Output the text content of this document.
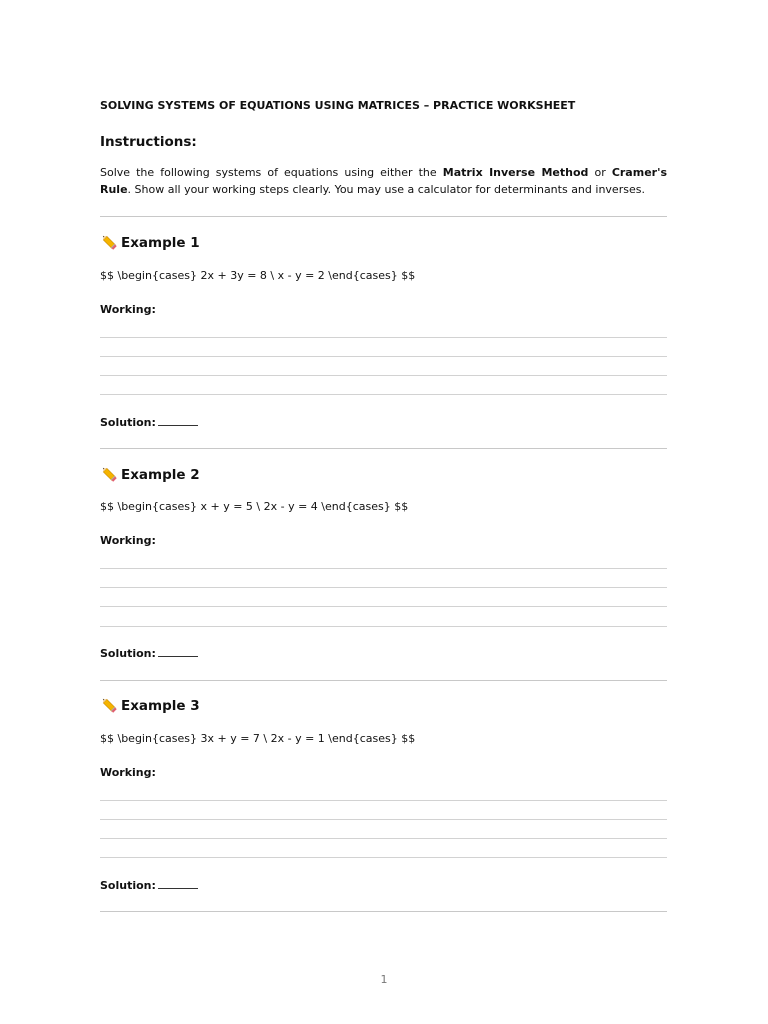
SOLVING SYSTEMS OF EQUATIONS USING MATRICES – PRACTICE WORKSHEET
Instructions:
Solve the following systems of equations using either the Matrix Inverse Method or Cramer's Rule. Show all your working steps clearly. You may use a calculator for determinants and inverses.
Example 1
$$ \begin{cases} 2x + 3y = 8 \ x - y = 2 \end{cases} $$
Working:
Solution:
Example 2
$$ \begin{cases} x + y = 5 \ 2x - y = 4 \end{cases} $$
Working:
Solution:
Example 3
$$ \begin{cases} 3x + y = 7 \ 2x - y = 1 \end{cases} $$
Working:
Solution:
1
